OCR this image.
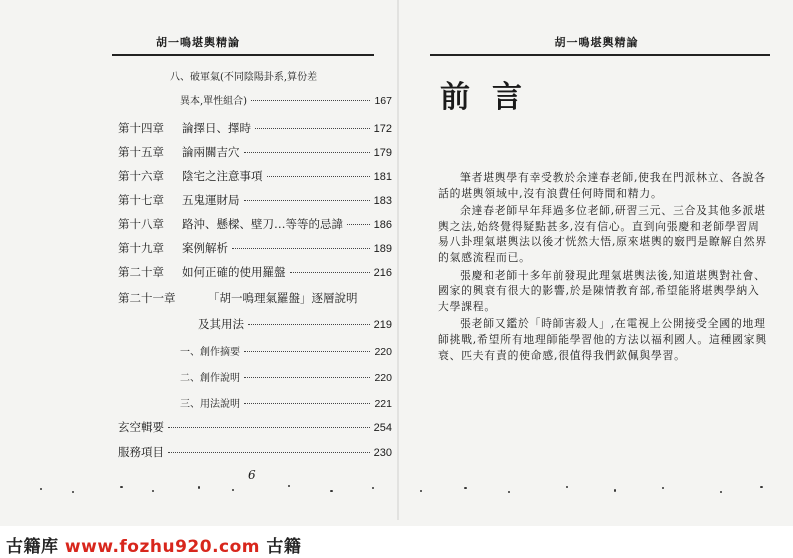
胡一鳴堪輿精論
八、破軍氣(不同陰陽卦系,算份差
異本,單性組合)	167
第十四章	論擇日、擇時	172
第十五章	論兩關吉穴	179
第十六章	陰宅之注意事項	181
第十七章	五鬼運財局	183
第十八章	路沖、懸樑、壁刀…等等的忌諱	186
第十九章	案例解析	189
第二十章	如何正確的使用羅盤	216
第二十一章	「胡一鳴理氣羅盤」逐層說明
及其用法	219
一、創作摘要	220
二、創作說明	220
三、用法說明	221
玄空輯要	254
服務項目	230
6
胡一鳴堪輿精論
前言

筆者堪輿學有幸受教於余達春老師,使我在門派林立、各說各話的堪輿領域中,沒有浪費任何時間和精力。

余達春老師早年拜過多位老師,研習三元、三合及其他多派堪輿之法,始終覺得疑點甚多,沒有信心。直到向張慶和老師學習周易八卦理氣堪輿法以後才恍然大悟,原來堪輿的竅門是瞭解自然界的氣感流程而已。

張慶和老師十多年前發現此理氣堪輿法後,知道堪輿對社會、國家的興衰有很大的影響,於是陳情教育部,希望能將堪輿學納入大學課程。

張老師又鑑於「時師害殺人」,在電視上公開接受全國的地理師挑戰,希望所有地理師能學習他的方法以福利國人。這種國家興衰、匹夫有責的使命感,很值得我們欽佩與學習。

古籍库 www.fozhu920.com 古籍
